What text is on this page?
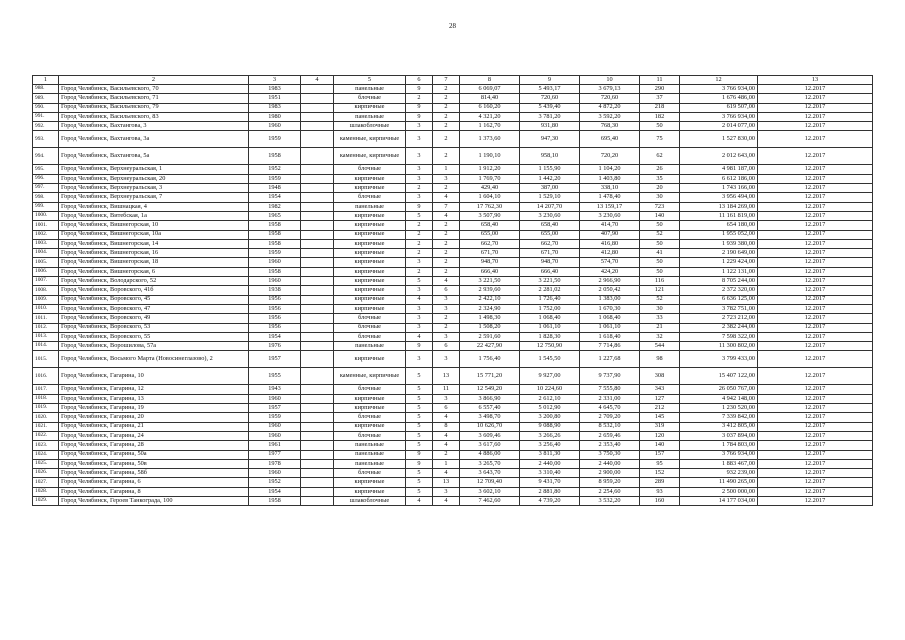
28
1	2	3	4	5	6	7	8	9	10	11	12	13
988.	Город Челябинск, Васильевского, 70	1983		панельные	9	2	6 069,07	5 493,17	3 679,13	290	3 766 934,00	12.2017
989.	Город Челябинск, Васильевского, 71	1951		блочные	2	2	814,40	720,60	720,60	37	1 676 486,00	12.2017
990.	Город Челябинск, Васильевского, 79	1983		кирпичные	9	2	6 160,20	5 439,40	4 872,20	218	619 507,00	12.2017
991.	Город Челябинск, Васильевского, 83	1980		панельные	9	2	4 321,20	3 781,20	3 592,20	182	3 766 934,00	12.2017
992.	Город Челябинск, Вахтангова, 3	1960		шлакоблочные	3	2	1 162,70	931,80	768,30	50	2 014 077,00	12.2017
993.	Город Челябинск, Вахтангова, 3а	1959		каменные, кирпичные	3	2	1 373,60	947,30	695,40	75	1 527 830,00	12.2017
994.	Город Челябинск, Вахтангова, 5а	1958		каменные, кирпичные	3	2	1 190,10	958,10	720,20	62	2 012 643,00	12.2017
995.	Город Челябинск, Верхнеуральская, 1	1952		блочные	3	1	1 912,20	1 155,90	1 104,20	26	4 981 187,00	12.2017
996.	Город Челябинск, Верхнеуральская, 20	1959		кирпичные	3	3	1 769,70	1 442,20	1 403,80	35	6 612 186,00	12.2017
997.	Город Челябинск, Верхнеуральская, 3	1948		кирпичные	2	2	429,40	387,00	338,10	20	1 743 166,00	12.2017
998.	Город Челябинск, Верхнеуральская, 7	1954		блочные	3	4	1 604,10	1 529,10	1 478,40	30	3 956 494,00	12.2017
999.	Город Челябинск, Вишнацкая, 4	1982		панельные	9	7	17 762,30	14 207,70	13 159,17	723	13 184 269,00	12.2017
1000.	Город Челябинск, Витебская, 1а	1965		кирпичные	5	4	3 507,90	3 230,60	3 230,60	140	11 161 819,00	12.2017
1001.	Город Челябинск, Вишнегорская, 10	1958		кирпичные	2	2	658,40	658,40	414,70	50	654 180,00	12.2017
1002.	Город Челябинск, Вишнегорская, 10а	1958		кирпичные	2	2	655,00	655,00	407,90	52	1 955 052,00	12.2017
1003.	Город Челябинск, Вишнегорская, 14	1958		кирпичные	2	2	662,70	662,70	416,80	50	1 939 380,00	12.2017
1004.	Город Челябинск, Вишнегорская, 16	1959		кирпичные	2	2	671,70	671,70	412,80	41	2 190 649,00	12.2017
1005.	Город Челябинск, Вишнегорская, 18	1960		кирпичные	3	2	948,70	948,70	574,70	50	1 229 424,00	12.2017
1006.	Город Челябинск, Вишнегорская, 6	1958		кирпичные	2	2	666,40	666,40	424,20	50	1 122 131,00	12.2017
1007.	Город Челябинск, Володарского, 52	1960		кирпичные	5	4	3 221,50	3 221,50	2 966,90	116	8 705 244,00	12.2017
1008.	Город Челябинск, Воровского, 41б	1938		кирпичные	3	6	2 939,60	2 281,02	2 050,42	121	2 372 320,00	12.2017
1009.	Город Челябинск, Воровского, 45	1956		кирпичные	4	3	2 422,10	1 726,40	1 383,00	52	6 636 125,00	12.2017
1010.	Город Челябинск, Воровского, 47	1956		кирпичные	3	3	2 324,90	1 752,00	1 670,30	30	3 782 751,00	12.2017
1011.	Город Челябинск, Воровского, 49	1956		блочные	3	2	1 498,30	1 068,40	1 068,40	33	2 723 212,00	12.2017
1012.	Город Челябинск, Воровского, 53	1956		блочные	3	2	1 508,20	1 061,10	1 061,10	21	2 382 244,00	12.2017
1013.	Город Челябинск, Воровского, 55	1954		блочные	4	3	2 591,60	1 828,30	1 618,40	32	7 598 322,00	12.2017
1014.	Город Челябинск, Ворошилова, 57а	1976		панельные	9	6	22 427,90	12 750,90	7 714,86	544	11 300 802,00	12.2017
1015.	Город Челябинск, Восьмого Марта (Новосинеглазово), 2	1957		кирпичные	3	3	1 756,40	1 545,50	1 227,68	98	3 799 433,00	12.2017
1016.	Город Челябинск, Гагарина, 10	1955		каменные, кирпичные	5	13	15 771,20	9 927,00	9 737,90	308	15 407 122,00	12.2017
1017.	Город Челябинск, Гагарина, 12	1943		блочные	5	11	12 549,20	10 224,60	7 555,80	343	26 050 767,00	12.2017
1018.	Город Челябинск, Гагарина, 13	1960		кирпичные	5	3	3 866,90	2 612,10	2 331,00	127	4 942 148,00	12.2017
1019.	Город Челябинск, Гагарина, 19	1957		кирпичные	5	6	6 557,40	5 012,90	4 645,70	212	1 230 520,00	12.2017
1020.	Город Челябинск, Гагарина, 20	1959		блочные	5	4	3 498,70	3 200,80	2 709,20	145	7 339 842,00	12.2017
1021.	Город Челябинск, Гагарина, 21	1960		кирпичные	5	8	10 626,70	9 088,90	8 532,10	319	3 412 805,00	12.2017
1022.	Город Челябинск, Гагарина, 24	1960		блочные	5	4	3 609,46	3 266,26	2 659,46	120	3 037 894,00	12.2017
1023.	Город Челябинск, Гагарина, 28	1961		панельные	5	4	3 617,60	3 256,40	2 353,40	140	1 784 803,00	12.2017
1024.	Город Челябинск, Гагарина, 50а	1977		панельные	9	2	4 886,00	3 811,30	3 750,30	157	3 766 934,00	12.2017
1025.	Город Челябинск, Гагарина, 50в	1978		панельные	9	1	3 265,70	2 440,00	2 440,00	95	1 883 467,00	12.2017
1026.	Город Челябинск, Гагарина, 58б	1960		блочные	5	4	3 643,70	3 310,40	2 900,00	152	932 239,00	12.2017
1027.	Город Челябинск, Гагарина, 6	1952		кирпичные	5	13	12 709,40	9 431,70	8 959,20	289	11 490 265,00	12.2017
1028.	Город Челябинск, Гагарина, 8	1954		кирпичные	5	3	3 602,10	2 881,80	2 254,60	93	2 500 000,00	12.2017
1029.	Город Челябинск, Героев Танкограда, 100	1958		шлакоблочные	4	4	7 462,60	4 739,20	3 532,20	160	14 177 034,00	12.2017
